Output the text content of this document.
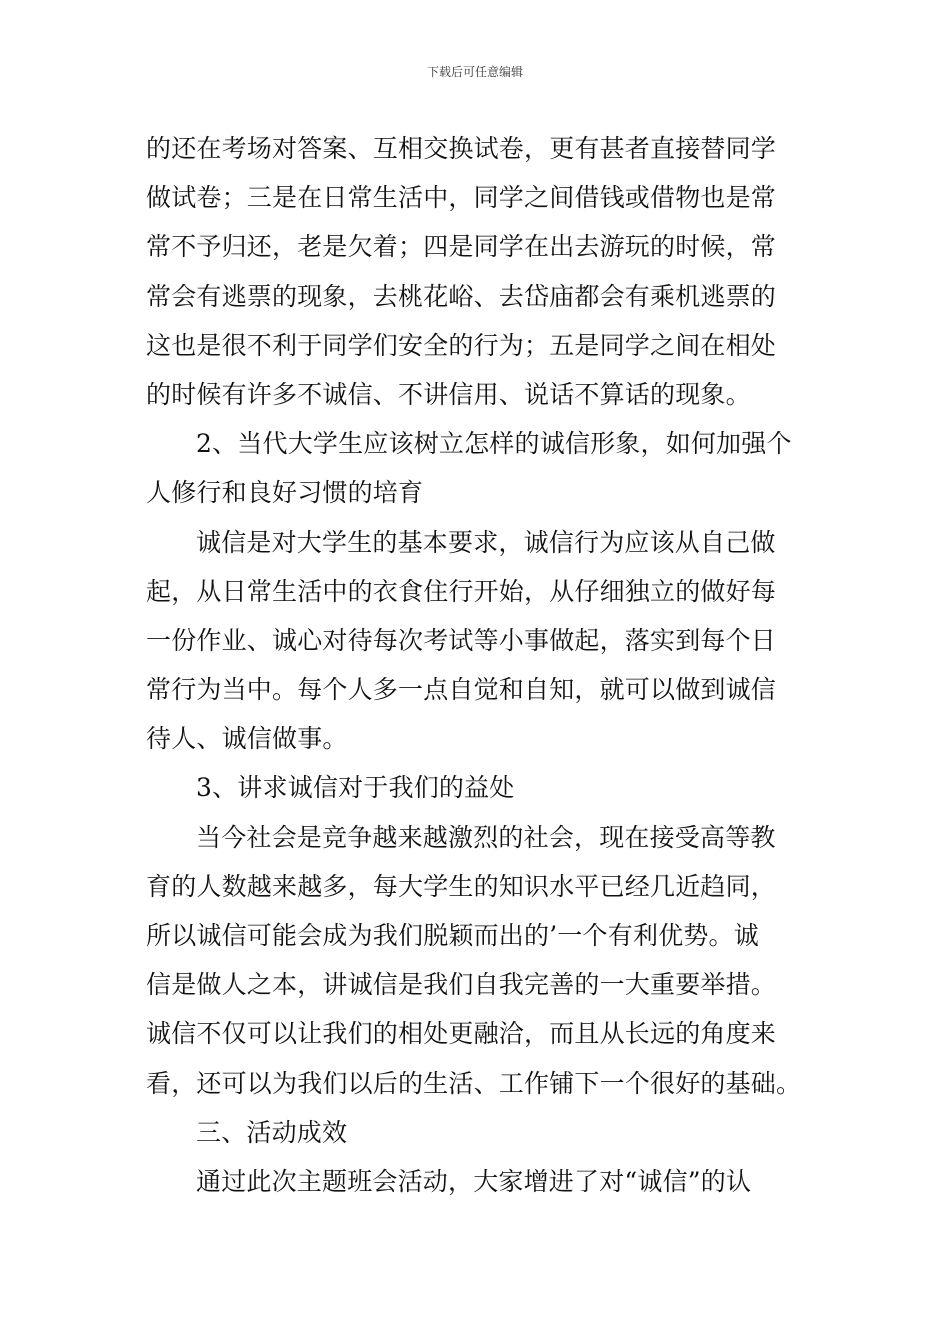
下载后可任意编辑
的还在考场对答案、互相交换试卷，更有甚者直接替同学
做试卷；三是在日常生活中，同学之间借钱或借物也是常
常不予归还，老是欠着；四是同学在出去游玩的时候，常
常会有逃票的现象，去桃花峪、去岱庙都会有乘机逃票的
这也是很不利于同学们安全的行为；五是同学之间在相处
的时候有许多不诚信、不讲信用、说话不算话的现象。
2、当代大学生应该树立怎样的诚信形象，如何加强个
人修行和良好习惯的培育
诚信是对大学生的基本要求，诚信行为应该从自己做
起，从日常生活中的衣食住行开始，从仔细独立的做好每
一份作业、诚心对待每次考试等小事做起，落实到每个日
常行为当中。每个人多一点自觉和自知，就可以做到诚信
待人、诚信做事。
3、讲求诚信对于我们的益处
当今社会是竞争越来越激烈的社会，现在接受高等教
育的人数越来越多，每大学生的知识水平已经几近趋同，
所以诚信可能会成为我们脱颖而出的’一个有利优势。诚
信是做人之本，讲诚信是我们自我完善的一大重要举措。
诚信不仅可以让我们的相处更融洽，而且从长远的角度来
看，还可以为我们以后的生活、工作铺下一个很好的基础。
三、活动成效
通过此次主题班会活动，大家增进了对“诚信”的认
